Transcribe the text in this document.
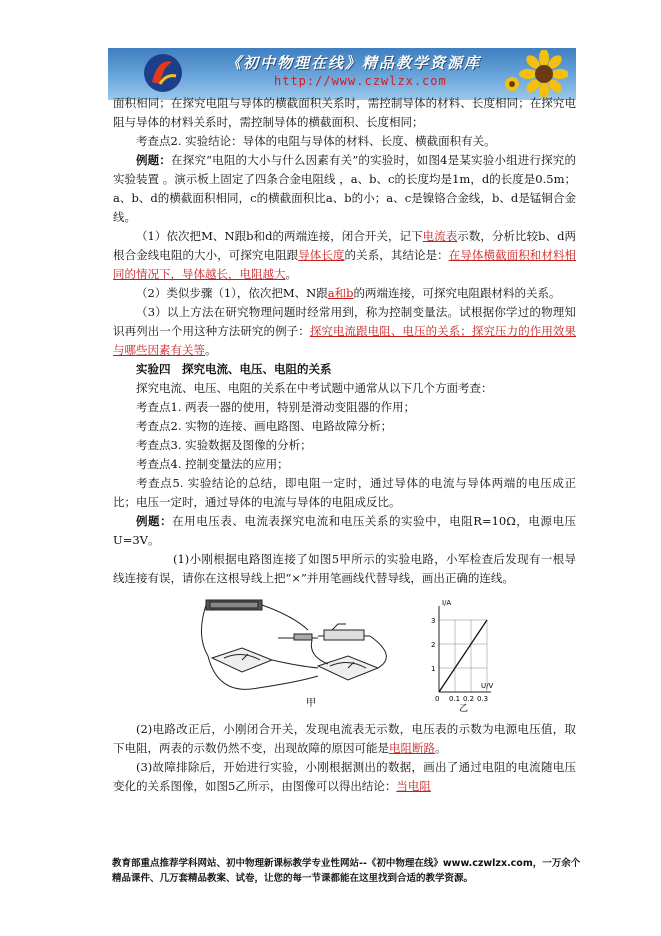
《初中物理在线》精品教学资源库
http://www.czwlzx.com

面积相同；在探究电阻与导体的横截面积关系时，需控制导体的材料、长度相同；在探究电阻与导体的材料关系时，需控制导体的横截面积、长度相同；

考查点2. 实验结论：导体的电阻与导体的材料、长度、横截面积有关。

例题：在探究“电阻的大小与什么因素有关”的实验时，如图4是某实验小组进行探究的实验装置 。演示板上固定了四条合金电阻线 ，a、b、c的长度均是1m，d的长度是0.5m；a、b、d的横截面积相同，c的横截面积比a、b的小；a、c是镍铬合金线，b、d是锰铜合金线。

（1）依次把M、N跟b和d的两端连接，闭合开关，记下电流表示数，分析比较b、d两根合金线电阻的大小，可探究电阻跟导体长度的关系，其结论是：在导体横截面积和材料相同的情况下，导体越长，电阻越大。

（2）类似步骤（1），依次把M、N跟a和b的两端连接，可探究电阻跟材料的关系。

（3）以上方法在研究物理问题时经常用到，称为控制变量法。试根据你学过的物理知识再列出一个用这种方法研究的例子：探究电流跟电阻、电压的关系；探究压力的作用效果与哪些因素有关等。

实验四　探究电流、电压、电阻的关系

探究电流、电压、电阻的关系在中考试题中通常从以下几个方面考查：

考查点1. 两表一器的使用，特别是滑动变阻器的作用；

考查点2. 实物的连接、画电路图、电路故障分析；

考查点3. 实验数据及图像的分析；

考查点4. 控制变量法的应用；

考查点5. 实验结论的总结，即电阻一定时，通过导体的电流与导体两端的电压成正比；电压一定时，通过导体的电流与导体的电阻成反比。

例题：在用电压表、电流表探究电流和电压关系的实验中，电阻R=10Ω，电源电压 U=3V。

(1)小刚根据电路图连接了如图5甲所示的实验电路，小军检查后发现有一根导线连接有误，请你在这根导线上把“×”并用笔画线代替导线，画出正确的连线。

甲
I/A
U/V
3
2
1
0 0.1 0.2 0.3
乙

(2)电路改正后，小刚闭合开关，发现电流表无示数，电压表的示数为电源电压值，取下电阻，两表的示数仍然不变，出现故障的原因可能是电阻断路。

(3)故障排除后，开始进行实验，小刚根据测出的数据，画出了通过电阻的电流随电压变化的关系图像，如图5乙所示，由图像可以得出结论：当电阻

教育部重点推荐学科网站、初中物理新课标教学专业性网站--《初中物理在线》www.czwlzx.com，一万余个精品课件、几万套精品教案、试卷，让您的每一节课都能在这里找到合适的教学资源。
